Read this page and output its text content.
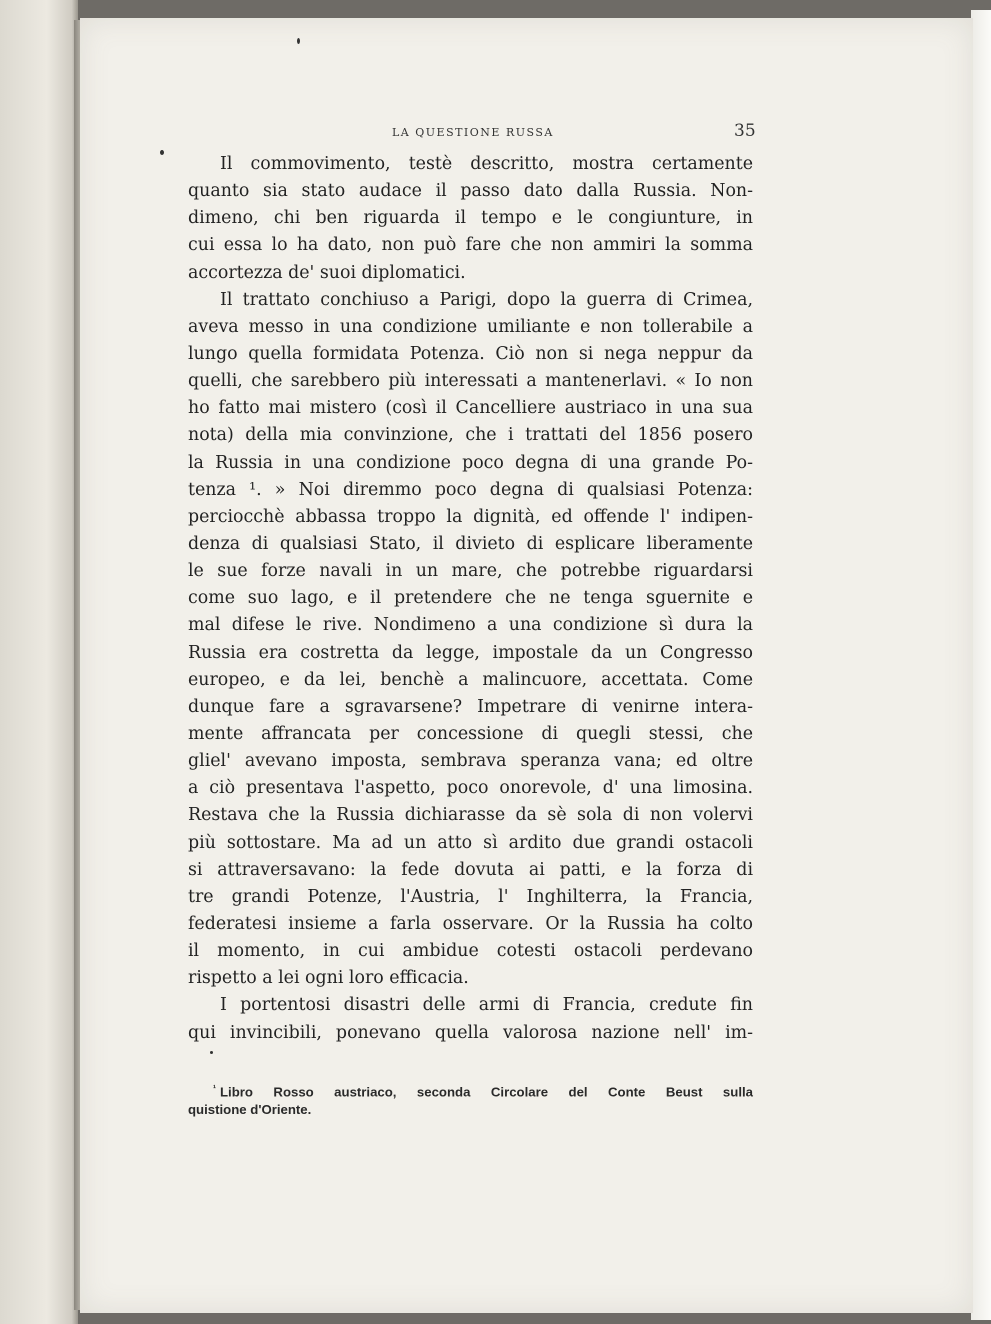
LA QUESTIONE RUSSA	35
Il commovimento, testè descritto, mostra certamente
quanto sia stato audace il passo dato dalla Russia. Non-
dimeno, chi ben riguarda il tempo e le congiunture, in
cui essa lo ha dato, non può fare che non ammiri la somma
accortezza de' suoi diplomatici.
Il trattato conchiuso a Parigi, dopo la guerra di Crimea,
aveva messo in una condizione umiliante e non tollerabile a
lungo quella formidata Potenza. Ciò non si nega neppur da
quelli, che sarebbero più interessati a mantenerlavi. « Io non
ho fatto mai mistero (così il Cancelliere austriaco in una sua
nota) della mia convinzione, che i trattati del 1856 posero
la Russia in una condizione poco degna di una grande Po-
tenza ¹. » Noi diremmo poco degna di qualsiasi Potenza:
perciocchè abbassa troppo la dignità, ed offende l' indipen-
denza di qualsiasi Stato, il divieto di esplicare liberamente
le sue forze navali in un mare, che potrebbe riguardarsi
come suo lago, e il pretendere che ne tenga sguernite e
mal difese le rive. Nondimeno a una condizione sì dura la
Russia era costretta da legge, impostale da un Congresso
europeo, e da lei, benchè a malincuore, accettata. Come
dunque fare a sgravarsene? Impetrare di venirne intera-
mente affrancata per concessione di quegli stessi, che
gliel' avevano imposta, sembrava speranza vana; ed oltre
a ciò presentava l'aspetto, poco onorevole, d' una limosina.
Restava che la Russia dichiarasse da sè sola di non volervi
più sottostare. Ma ad un atto sì ardito due grandi ostacoli
si attraversavano: la fede dovuta ai patti, e la forza di
tre grandi Potenze, l'Austria, l' Inghilterra, la Francia,
federatesi insieme a farla osservare. Or la Russia ha colto
il momento, in cui ambidue cotesti ostacoli perdevano
rispetto a lei ogni loro efficacia.
I portentosi disastri delle armi di Francia, credute fin
qui invincibili, ponevano quella valorosa nazione nell' im-
$^{^1}$ Libro Rosso austriaco, seconda Circolare del Conte Beust sulla
quistione d'Oriente.
